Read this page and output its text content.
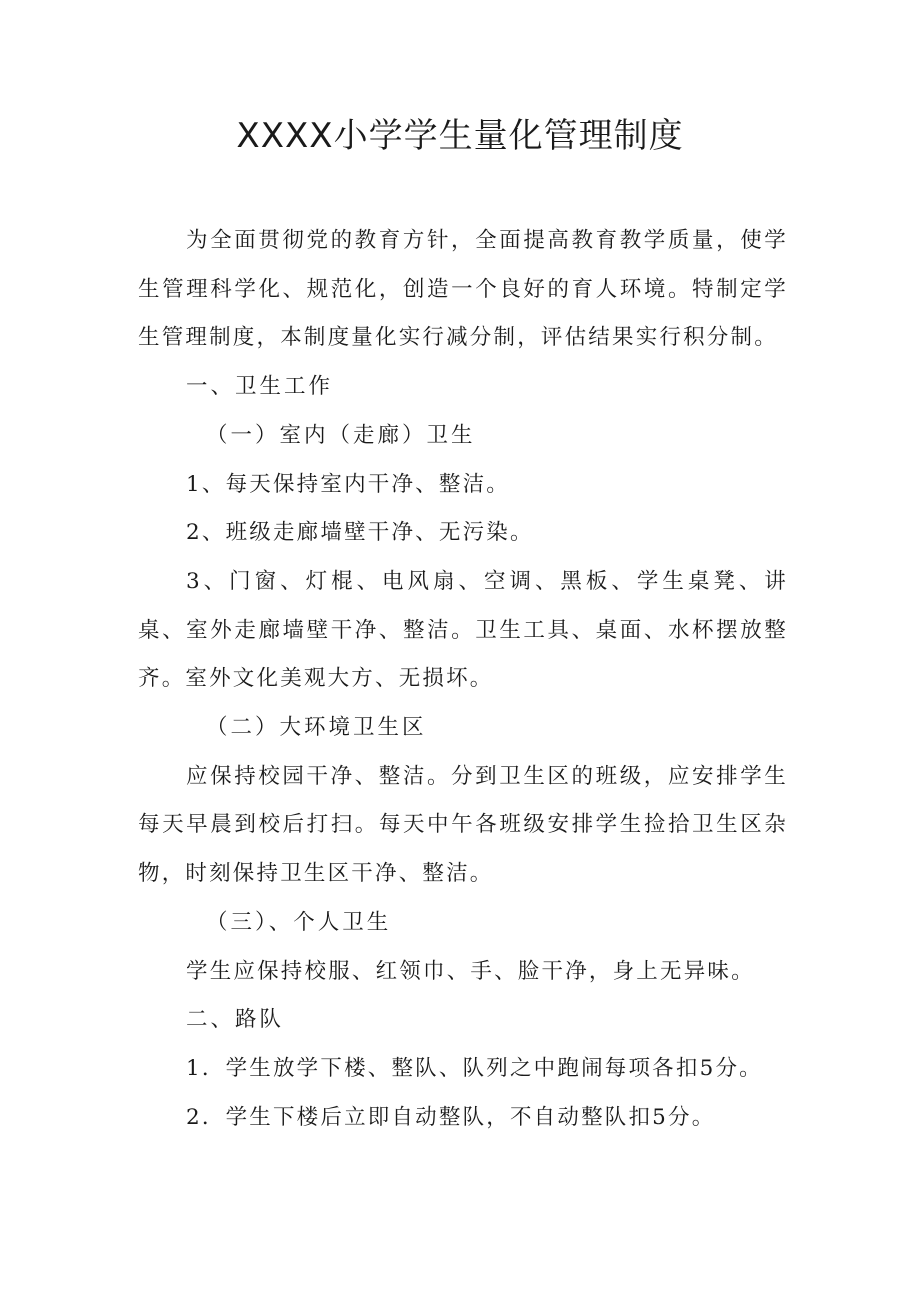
XXXX小学学生量化管理制度

为全面贯彻党的教育方针，全面提高教育教学质量，使学生管理科学化、规范化，创造一个良好的育人环境。特制定学生管理制度，本制度量化实行减分制，评估结果实行积分制。

一、卫生工作

（一）室内（走廊）卫生

1、每天保持室内干净、整洁。

2、班级走廊墙壁干净、无污染。

3、门窗、灯棍、电风扇、空调、黑板、学生桌凳、讲桌、室外走廊墙壁干净、整洁。卫生工具、桌面、水杯摆放整齐。室外文化美观大方、无损坏。

（二）大环境卫生区

应保持校园干净、整洁。分到卫生区的班级，应安排学生每天早晨到校后打扫。每天中午各班级安排学生捡拾卫生区杂物，时刻保持卫生区干净、整洁。

（三）、个人卫生

学生应保持校服、红领巾、手、脸干净，身上无异味。

二、路队

1．学生放学下楼、整队、队列之中跑闹每项各扣5分。

2．学生下楼后立即自动整队，不自动整队扣5分。
